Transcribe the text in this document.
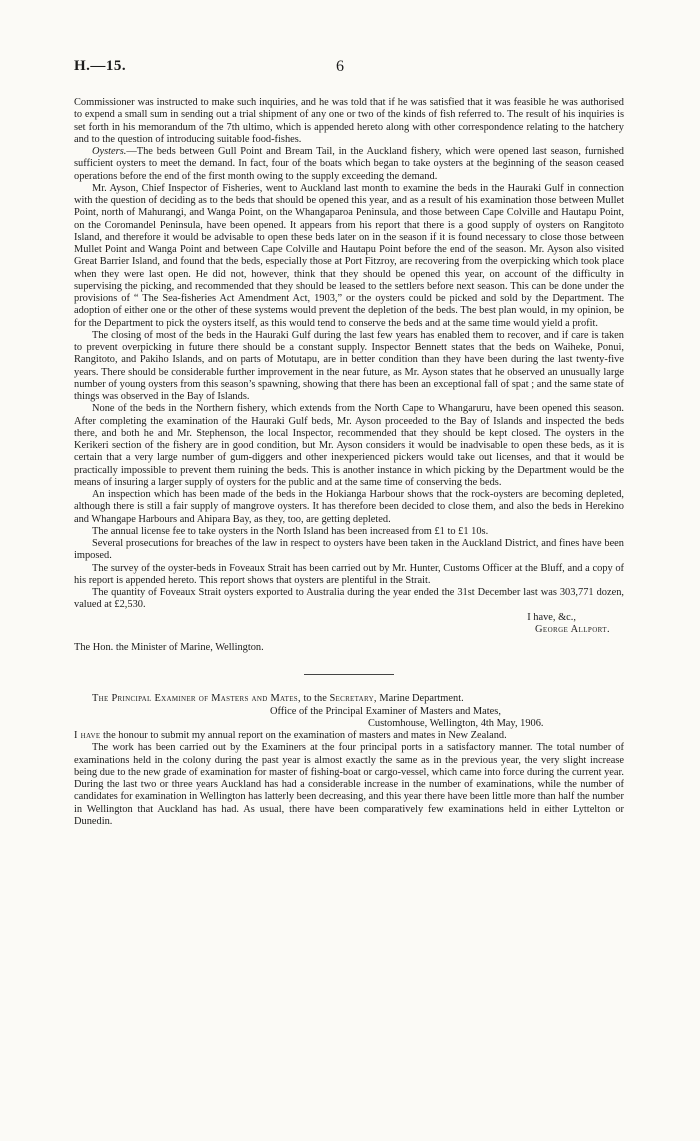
H.—15.	6

Commissioner was instructed to make such inquiries, and he was told that if he was satisfied that it was feasible he was authorised to expend a small sum in sending out a trial shipment of any one or two of the kinds of fish referred to. The result of his inquiries is set forth in his memorandum of the 7th ultimo, which is appended hereto along with other correspondence relating to the hatchery and to the question of introducing suitable food-fishes.

Oysters.—The beds between Gull Point and Bream Tail, in the Auckland fishery, which were opened last season, furnished sufficient oysters to meet the demand. In fact, four of the boats which began to take oysters at the beginning of the season ceased operations before the end of the first month owing to the supply exceeding the demand.

Mr. Ayson, Chief Inspector of Fisheries, went to Auckland last month to examine the beds in the Hauraki Gulf in connection with the question of deciding as to the beds that should be opened this year, and as a result of his examination those between Mullet Point, north of Mahurangi, and Wanga Point, on the Whangaparoa Peninsula, and those between Cape Colville and Hautapu Point, on the Coromandel Peninsula, have been opened. It appears from his report that there is a good supply of oysters on Rangitoto Island, and therefore it would be advisable to open these beds later on in the season if it is found necessary to close those between Mullet Point and Wanga Point and between Cape Colville and Hautapu Point before the end of the season. Mr. Ayson also visited Great Barrier Island, and found that the beds, especially those at Port Fitzroy, are recovering from the overpicking which took place when they were last open. He did not, however, think that they should be opened this year, on account of the difficulty in supervising the picking, and recommended that they should be leased to the settlers before next season. This can be done under the provisions of “ The Sea-fisheries Act Amendment Act, 1903,” or the oysters could be picked and sold by the Department. The adoption of either one or the other of these systems would prevent the depletion of the beds. The best plan would, in my opinion, be for the Department to pick the oysters itself, as this would tend to conserve the beds and at the same time would yield a profit.

The closing of most of the beds in the Hauraki Gulf during the last few years has enabled them to recover, and if care is taken to prevent overpicking in future there should be a constant supply. Inspector Bennett states that the beds on Waiheke, Ponui, Rangitoto, and Pakiho Islands, and on parts of Motutapu, are in better condition than they have been during the last twenty-five years. There should be considerable further improvement in the near future, as Mr. Ayson states that he observed an unusually large number of young oysters from this season’s spawning, showing that there has been an exceptional fall of spat ; and the same state of things was observed in the Bay of Islands.

None of the beds in the Northern fishery, which extends from the North Cape to Whangaruru, have been opened this season. After completing the examination of the Hauraki Gulf beds, Mr. Ayson proceeded to the Bay of Islands and inspected the beds there, and both he and Mr. Stephenson, the local Inspector, recommended that they should be kept closed. The oysters in the Kerikeri section of the fishery are in good condition, but Mr. Ayson considers it would be inadvisable to open these beds, as it is certain that a very large number of gum-diggers and other inexperienced pickers would take out licenses, and that it would be practically impossible to prevent them ruining the beds. This is another instance in which picking by the Department would be the means of insuring a larger supply of oysters for the public and at the same time of conserving the beds.

An inspection which has been made of the beds in the Hokianga Harbour shows that the rock-oysters are becoming depleted, although there is still a fair supply of mangrove oysters. It has therefore been decided to close them, and also the beds in Herekino and Whangape Harbours and Ahipara Bay, as they, too, are getting depleted.

The annual license fee to take oysters in the North Island has been increased from £1 to £1 10s.

Several prosecutions for breaches of the law in respect to oysters have been taken in the Auckland District, and fines have been imposed.

The survey of the oyster-beds in Foveaux Strait has been carried out by Mr. Hunter, Customs Officer at the Bluff, and a copy of his report is appended hereto. This report shows that oysters are plentiful in the Strait.

The quantity of Foveaux Strait oysters exported to Australia during the year ended the 31st December last was 303,771 dozen, valued at £2,530.

I have, &c.,
George Allport.

The Hon. the Minister of Marine, Wellington.

The Principal Examiner of Masters and Mates, to the Secretary, Marine Department.

Office of the Principal Examiner of Masters and Mates,

Customhouse, Wellington, 4th May, 1906.

I have the honour to submit my annual report on the examination of masters and mates in New Zealand.

The work has been carried out by the Examiners at the four principal ports in a satisfactory manner. The total number of examinations held in the colony during the past year is almost exactly the same as in the previous year, the very slight increase being due to the new grade of examination for master of fishing-boat or cargo-vessel, which came into force during the current year. During the last two or three years Auckland has had a considerable increase in the number of examinations, while the number of candidates for examination in Wellington has latterly been decreasing, and this year there have been little more than half the number in Wellington that Auckland has had. As usual, there have been comparatively few examinations held in either Lyttelton or Dunedin.
